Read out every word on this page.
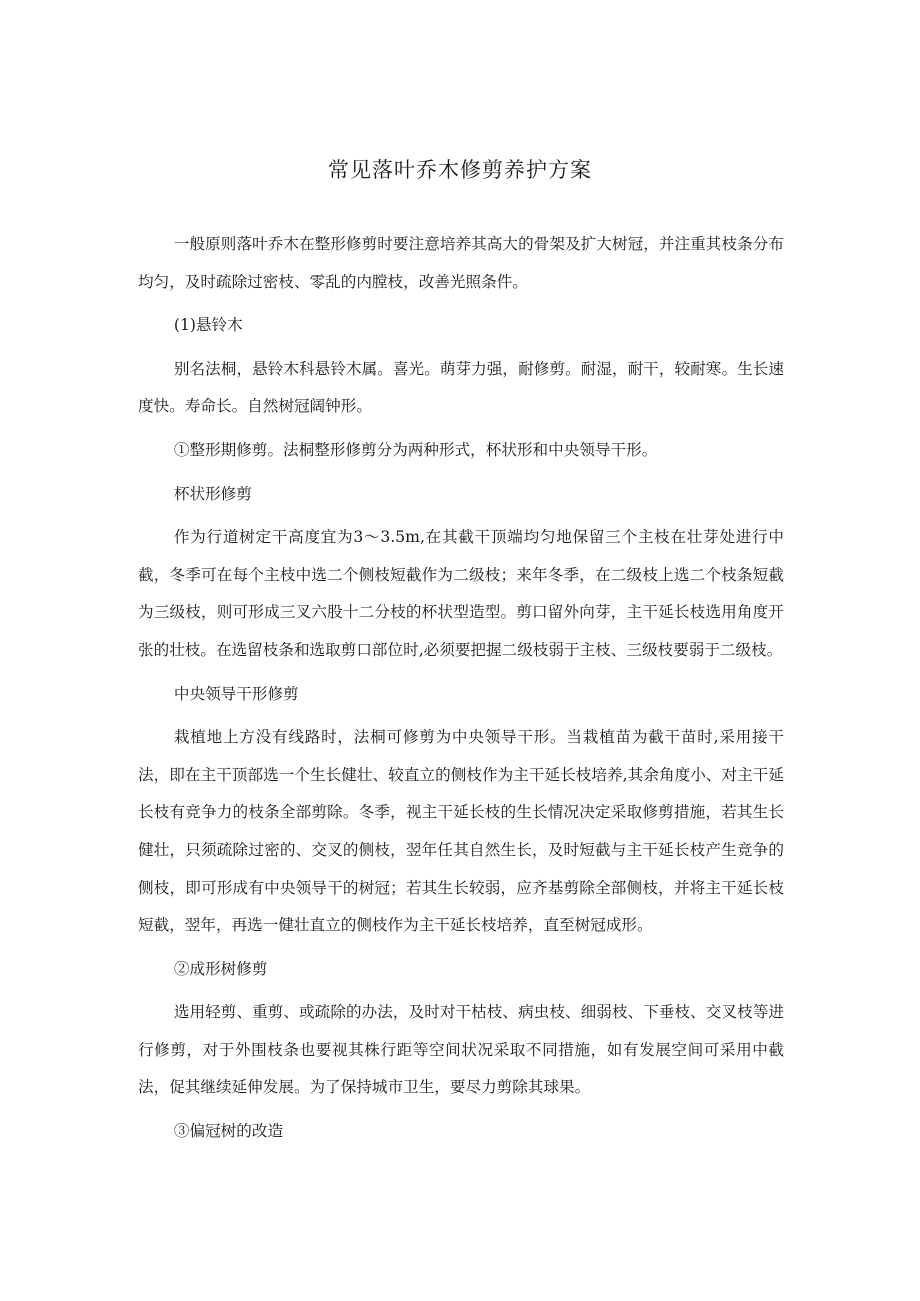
常见落叶乔木修剪养护方案

一般原则落叶乔木在整形修剪时要注意培养其高大的骨架及扩大树冠，并注重其枝条分布均匀，及时疏除过密枝、零乱的内膛枝，改善光照条件。

(1)悬铃木

别名法桐，悬铃木科悬铃木属。喜光。萌芽力强，耐修剪。耐湿，耐干，较耐寒。生长速度快。寿命长。自然树冠阔钟形。

①整形期修剪。法桐整形修剪分为两种形式，杯状形和中央领导干形。

杯状形修剪

作为行道树定干高度宜为3～3.5m,在其截干顶端均匀地保留三个主枝在壮芽处进行中截，冬季可在每个主枝中选二个侧枝短截作为二级枝；来年冬季，在二级枝上选二个枝条短截为三级枝，则可形成三叉六股十二分枝的杯状型造型。剪口留外向芽，主干延长枝选用角度开张的壮枝。在选留枝条和选取剪口部位时,必须要把握二级枝弱于主枝、三级枝要弱于二级枝。

中央领导干形修剪

栽植地上方没有线路时，法桐可修剪为中央领导干形。当栽植苗为截干苗时,采用接干法，即在主干顶部选一个生长健壮、较直立的侧枝作为主干延长枝培养,其余角度小、对主干延长枝有竞争力的枝条全部剪除。冬季，视主干延长枝的生长情况决定采取修剪措施，若其生长健壮，只须疏除过密的、交叉的侧枝，翌年任其自然生长，及时短截与主干延长枝产生竞争的侧枝，即可形成有中央领导干的树冠；若其生长较弱，应齐基剪除全部侧枝，并将主干延长枝短截，翌年，再选一健壮直立的侧枝作为主干延长枝培养，直至树冠成形。

②成形树修剪

选用轻剪、重剪、或疏除的办法，及时对干枯枝、病虫枝、细弱枝、下垂枝、交叉枝等进行修剪，对于外围枝条也要视其株行距等空间状况采取不同措施，如有发展空间可采用中截法，促其继续延伸发展。为了保持城市卫生，要尽力剪除其球果。

③偏冠树的改造
